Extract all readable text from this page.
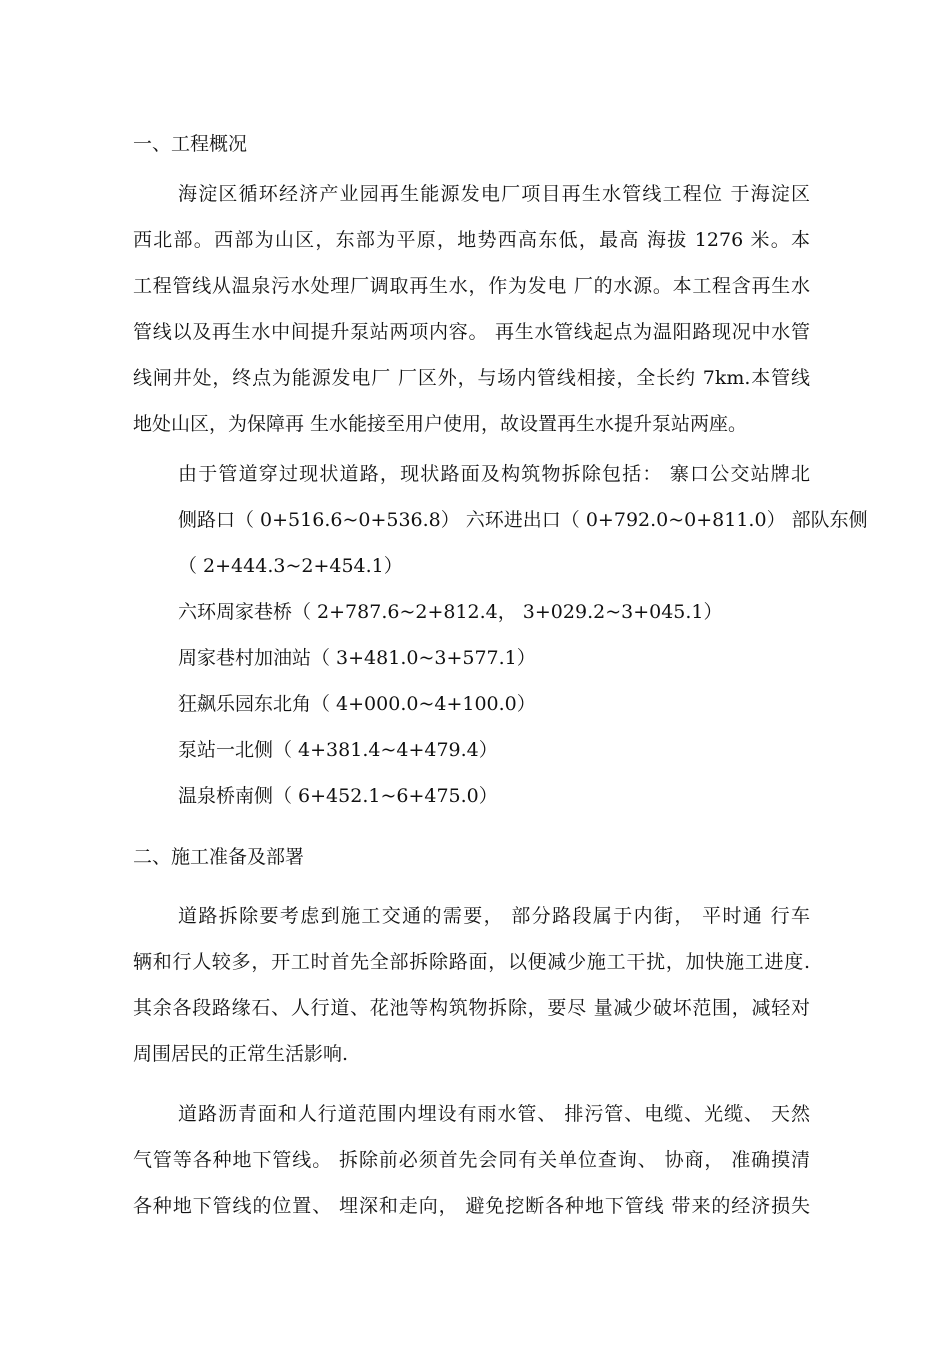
一、工程概况
海淀区循环经济产业园再生能源发电厂项目再生水管线工程位 于海淀区
西北部。西部为山区，东部为平原，地势西高东低，最高 海拔 1276 米。本
工程管线从温泉污水处理厂调取再生水，作为发电 厂的水源。本工程含再生水
管线以及再生水中间提升泵站两项内容。 再生水管线起点为温阳路现况中水管
线闸井处，终点为能源发电厂 厂区外，与场内管线相接，全长约 7km.本管线
地处山区，为保障再 生水能接至用户使用，故设置再生水提升泵站两座。
由于管道穿过现状道路，现状路面及构筑物拆除包括： 寨口公交站牌北
侧路口（ 0+516.6~0+536.8） 六环进出口（ 0+792.0~0+811.0） 部队东侧
（ 2+444.3~2+454.1）
六环周家巷桥（ 2+787.6~2+812.4， 3+029.2~3+045.1）
周家巷村加油站（ 3+481.0~3+577.1）
狂飙乐园东北角（ 4+000.0~4+100.0）
泵站一北侧（ 4+381.4~4+479.4）
温泉桥南侧（ 6+452.1~6+475.0）
二、施工准备及部署
道路拆除要考虑到施工交通的需要， 部分路段属于内街， 平时通 行车
辆和行人较多，开工时首先全部拆除路面，以便减少施工干扰，加快施工进度.
其余各段路缘石、人行道、花池等构筑物拆除，要尽 量减少破坏范围，减轻对
周围居民的正常生活影响.
道路沥青面和人行道范围内埋设有雨水管、 排污管、电缆、光缆、 天然
气管等各种地下管线。 拆除前必须首先会同有关单位查询、 协商， 准确摸清
各种地下管线的位置、 埋深和走向， 避免挖断各种地下管线 带来的经济损失
